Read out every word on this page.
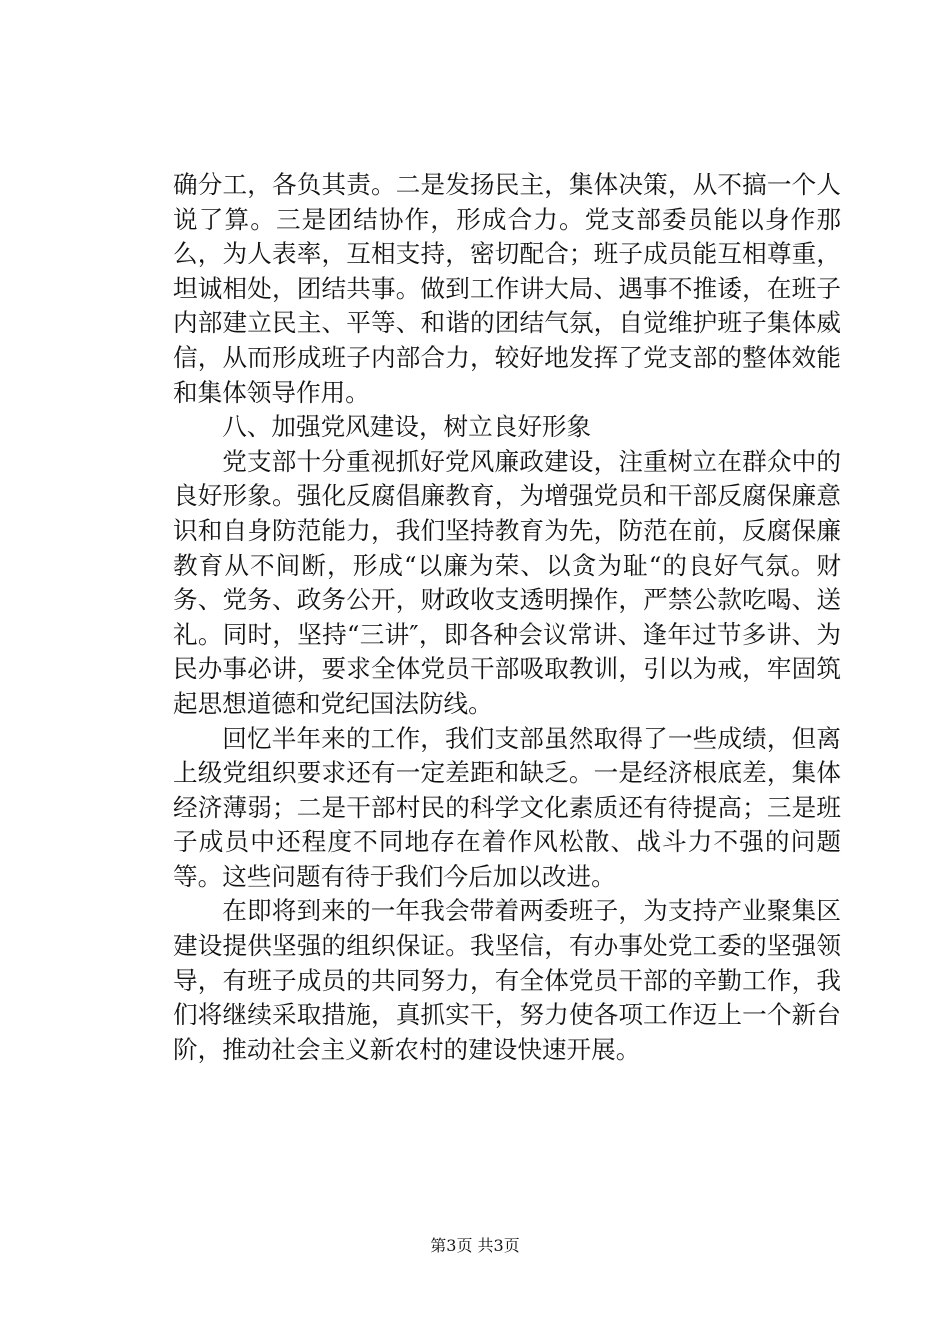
确分工，各负其责。二是发扬民主，集体决策，从不搞一个人说了算。三是团结协作，形成合力。党支部委员能以身作那么，为人表率，互相支持，密切配合；班子成员能互相尊重，坦诚相处，团结共事。做到工作讲大局、遇事不推诿，在班子内部建立民主、平等、和谐的团结气氛，自觉维护班子集体威信，从而形成班子内部合力，较好地发挥了党支部的整体效能和集体领导作用。

八、加强党风建设，树立良好形象

党支部十分重视抓好党风廉政建设，注重树立在群众中的良好形象。强化反腐倡廉教育，为增强党员和干部反腐保廉意识和自身防范能力，我们坚持教育为先，防范在前，反腐保廉教育从不间断，形成“以廉为荣、以贪为耻“的良好气氛。财务、党务、政务公开，财政收支透明操作，严禁公款吃喝、送礼。同时，坚持“三讲″，即各种会议常讲、逢年过节多讲、为民办事必讲，要求全体党员干部吸取教训，引以为戒，牢固筑起思想道德和党纪国法防线。

回忆半年来的工作，我们支部虽然取得了一些成绩，但离上级党组织要求还有一定差距和缺乏。一是经济根底差，集体经济薄弱；二是干部村民的科学文化素质还有待提高；三是班子成员中还程度不同地存在着作风松散、战斗力不强的问题等。这些问题有待于我们今后加以改进。

在即将到来的一年我会带着两委班子，为支持产业聚集区建设提供坚强的组织保证。我坚信，有办事处党工委的坚强领导，有班子成员的共同努力，有全体党员干部的辛勤工作，我们将继续采取措施，真抓实干，努力使各项工作迈上一个新台阶，推动社会主义新农村的建设快速开展。

第3页 共3页
